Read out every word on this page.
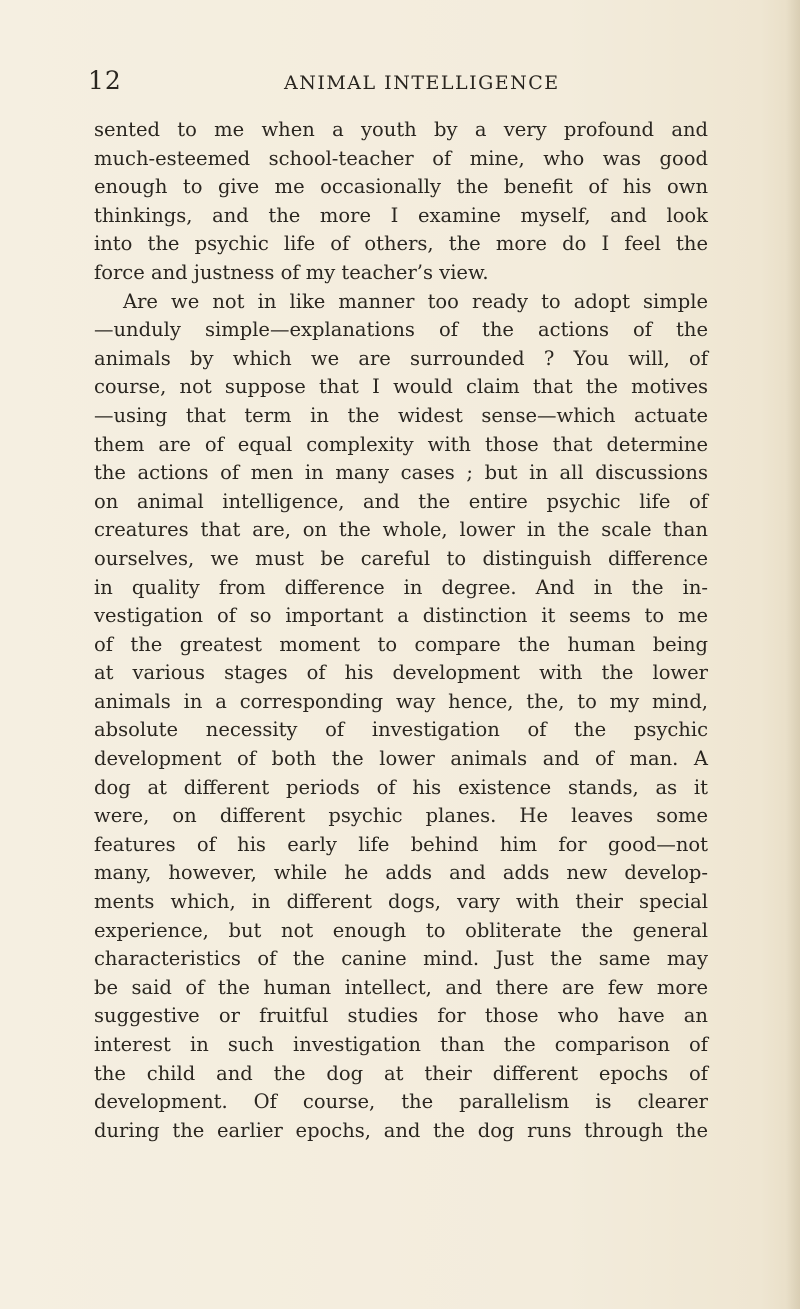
12	ANIMAL INTELLIGENCE
sented to me when a youth by a very profound and
much-esteemed school-teacher of mine, who was good
enough to give me occasionally the benefit of his own
thinkings, and the more I examine myself, and look
into the psychic life of others, the more do I feel the
force and justness of my teacher’s view.
Are we not in like manner too ready to adopt simple
—unduly simple—explanations of the actions of the
animals by which we are surrounded ? You will, of
course, not suppose that I would claim that the motives
—using that term in the widest sense—which actuate
them are of equal complexity with those that determine
the actions of men in many cases ; but in all discussions
on animal intelligence, and the entire psychic life of
creatures that are, on the whole, lower in the scale than
ourselves, we must be careful to distinguish difference
in quality from difference in degree. And in the in-
vestigation of so important a distinction it seems to me
of the greatest moment to compare the human being
at various stages of his development with the lower
animals in a corresponding way hence, the, to my mind,
absolute necessity of investigation of the psychic
development of both the lower animals and of man. A
dog at different periods of his existence stands, as it
were, on different psychic planes. He leaves some
features of his early life behind him for good—not
many, however, while he adds and adds new develop-
ments which, in different dogs, vary with their special
experience, but not enough to obliterate the general
characteristics of the canine mind. Just the same may
be said of the human intellect, and there are few more
suggestive or fruitful studies for those who have an
interest in such investigation than the comparison of
the child and the dog at their different epochs of
development. Of course, the parallelism is clearer
during the earlier epochs, and the dog runs through the
